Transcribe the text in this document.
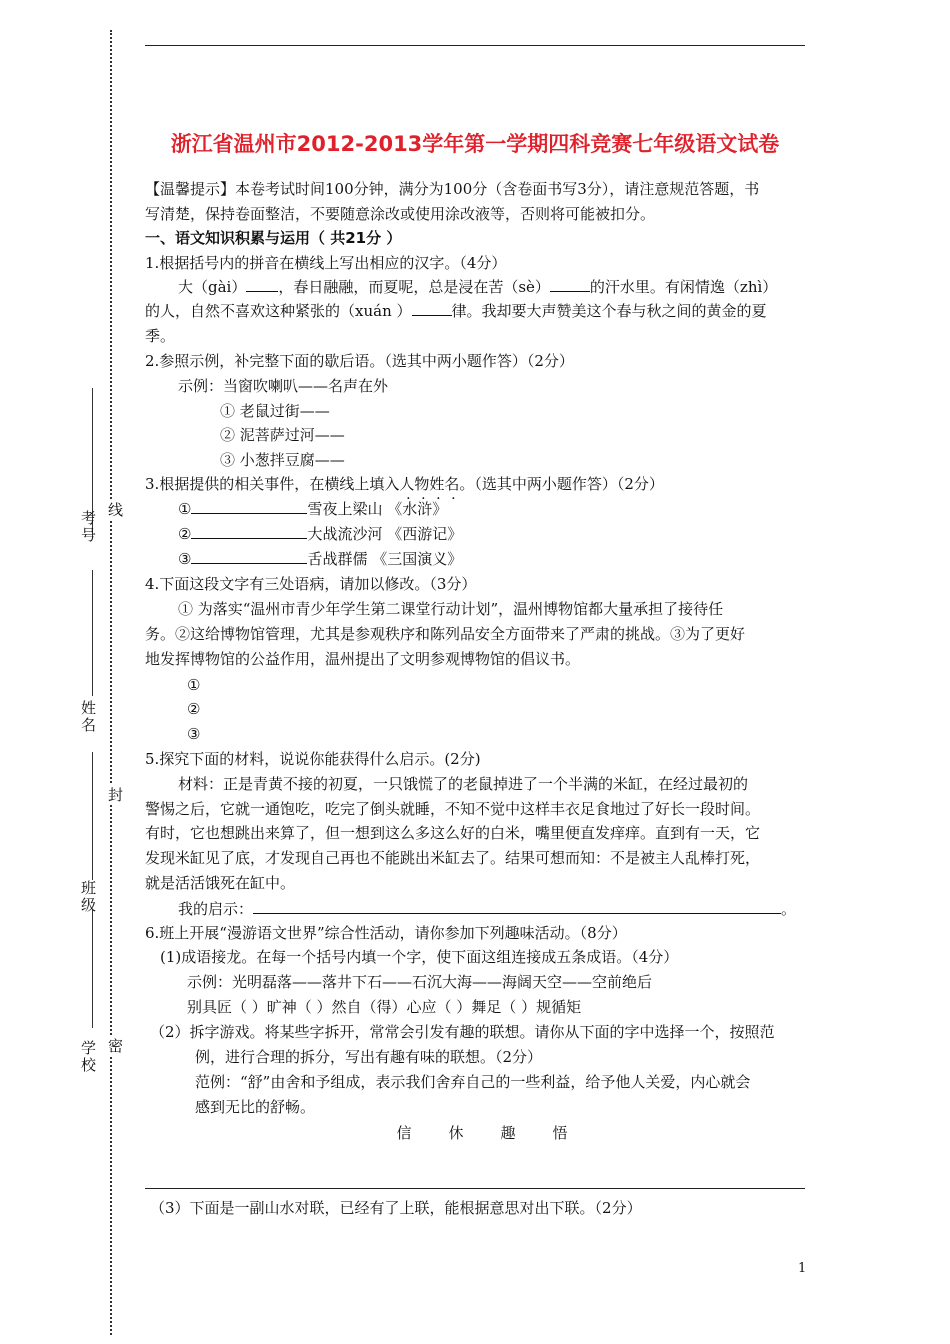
考号
姓名
班级
学校
线
封
密
浙江省温州市2012-2013学年第一学期四科竞赛七年级语文试卷
【温馨提示】本卷考试时间100分钟，满分为100分（含卷面书写3分），请注意规范答题，书
写清楚，保持卷面整洁，不要随意涂改或使用涂改液等，否则将可能被扣分。
一、语文知识积累与运用（ 共21分 ）
1.根据括号内的拼音在横线上写出相应的汉字。（4分）
大（gài） ，春日融融，而夏呢，总是浸在苦（sè）	的汗水里。有闲情逸（zhì）
的人，自然不喜欢这种紧张的（xuán ）	律。我却要大声赞美这个春与秋之间的黄金的夏
季。
2.参照示例，补完整下面的歇后语。（选其中两小题作答）（2分）
示例：当窗吹喇叭——名声在外
① 老鼠过街——
② 泥菩萨过河——
③ 小葱拌豆腐——
3.根据提供的相关事件，在横线上填入人物姓名。（选其中两小题作答）（2分）
①	雪夜上梁山 《水浒》
②	大战流沙河 《西游记》
③	舌战群儒 《三国演义》
4.下面这段文字有三处语病，请加以修改。（3分）
① 为落实“温州市青少年学生第二课堂行动计划”，温州博物馆都大量承担了接待任
务。②这给博物馆管理，尤其是参观秩序和陈列品安全方面带来了严肃的挑战。③为了更好
地发挥博物馆的公益作用，温州提出了文明参观博物馆的倡议书。
①
②
③
5.探究下面的材料，说说你能获得什么启示。(2分)
材料：正是青黄不接的初夏，一只饿慌了的老鼠掉进了一个半满的米缸，在经过最初的
警惕之后，它就一通饱吃，吃完了倒头就睡，不知不觉中这样丰衣足食地过了好长一段时间。
有时，它也想跳出来算了，但一想到这么多这么好的白米，嘴里便直发痒痒。直到有一天，它
发现米缸见了底，才发现自己再也不能跳出米缸去了。结果可想而知：不是被主人乱棒打死，
就是活活饿死在缸中。
我的启示：	。
6.班上开展“漫游语文世界”综合性活动，请你参加下列趣味活动。（8分）
(1)成语接龙。在每一个括号内填一个字，使下面这组连接成五条成语。（4分）
示例：光明磊落——落井下石——石沉大海——海阔天空——空前绝后
别具匠（ ）旷神（ ）然自（得）心应（ ）舞足（ ）规循矩
（2）拆字游戏。将某些字拆开，常常会引发有趣的联想。请你从下面的字中选择一个，按照范
例，进行合理的拆分，写出有趣有味的联想。（2分）
范例：“舒”由舍和予组成，表示我们舍弃自己的一些利益，给予他人关爱，内心就会
感到无比的舒畅。
信 休 趣 悟
（3）下面是一副山水对联，已经有了上联，能根据意思对出下联。（2分）
1
